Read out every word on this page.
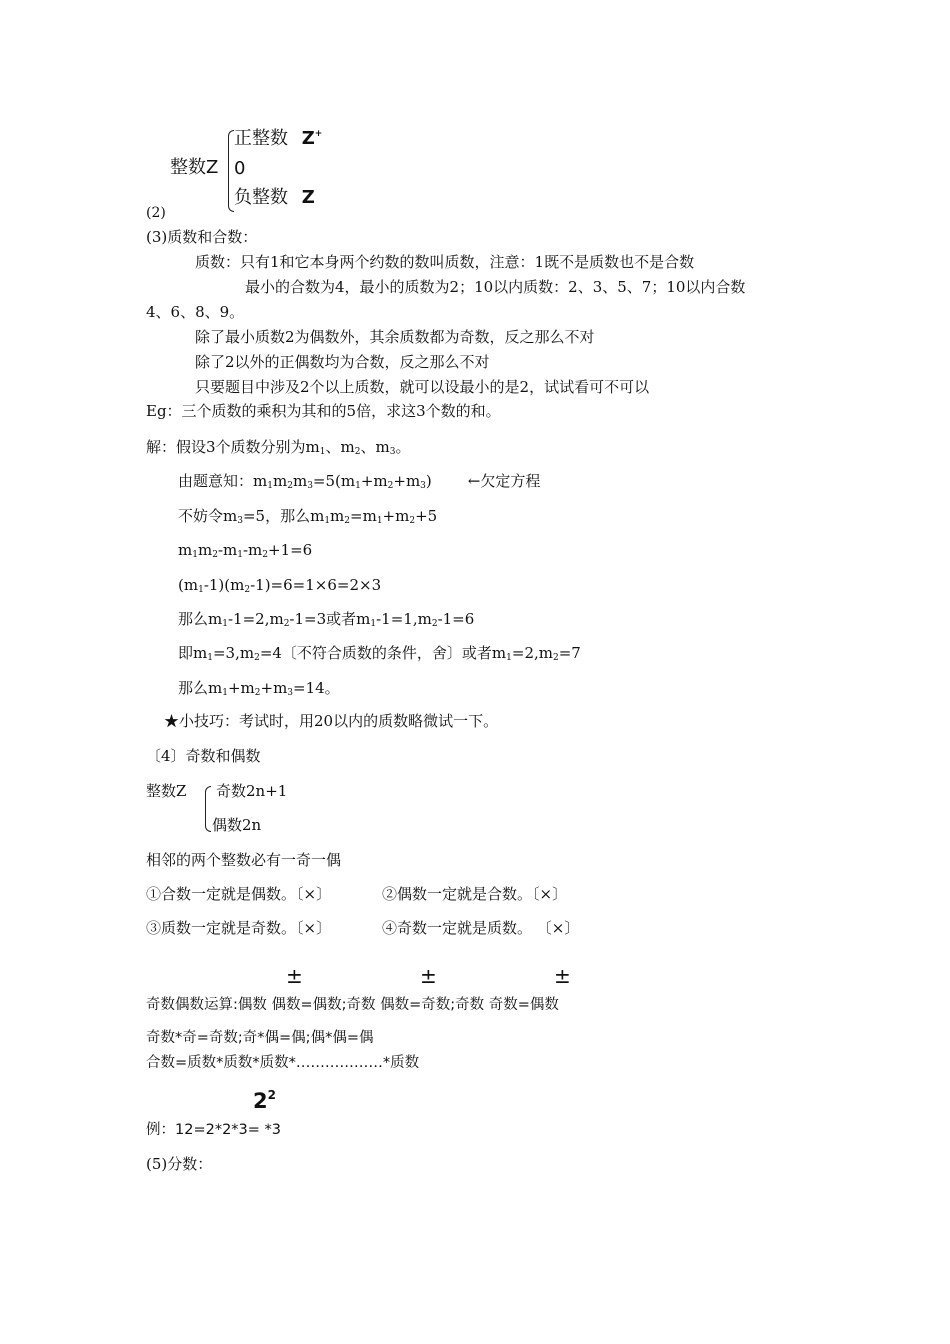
整数Z
正整数 Z+
0
负整数 Z
(2)
(3)质数和合数：
质数：只有1和它本身两个约数的数叫质数，注意：1既不是质数也不是合数
最小的合数为4，最小的质数为2；10以内质数：2、3、5、7；10以内合数
4、6、8、9。
除了最小质数2为偶数外，其余质数都为奇数，反之那么不对
除了2以外的正偶数均为合数，反之那么不对
只要题目中涉及2个以上质数，就可以设最小的是2，试试看可不可以
Eg：三个质数的乘积为其和的5倍，求这3个数的和。
解：假设3个质数分别为$m_1$、$m_2$、$m_3$。
由题意知：$m_1m_2m_3=5(m_1+m_2+m_3)$ ←欠定方程
不妨令$m_3=5$，那么$m_1m_2=m_1+m_2+5$
$m_1m_2-m_1-m_2+1=6$
$(m_1-1)(m_2-1)=6=1\times 6=2\times 3$
那么$m_1-1=2,m_2-1=3$或者$m_1-1=1,m_2-1=6$
即$m_1=3,m_2=4$〔不符合质数的条件，舍〕或者$m_1=2,m_2=7$
那么$m_1+m_2+m_3=14$。
★小技巧：考试时，用20以内的质数略微试一下。
〔4〕奇数和偶数
整数Z 奇数2n+1
偶数2n
相邻的两个整数必有一奇一偶
①合数一定就是偶数。〔×〕	②偶数一定就是合数。〔×〕
③质数一定就是奇数。〔×〕	④奇数一定就是质数。 〔×〕
±	±	±
奇数偶数运算:偶数 偶数=偶数;奇数 偶数=奇数;奇数 奇数=偶数
奇数*奇=奇数;奇*偶=偶;偶*偶=偶
合数=质数*质数*质数*………………*质数
$2^2$
例：12=2*2*3= *3
(5)分数：
